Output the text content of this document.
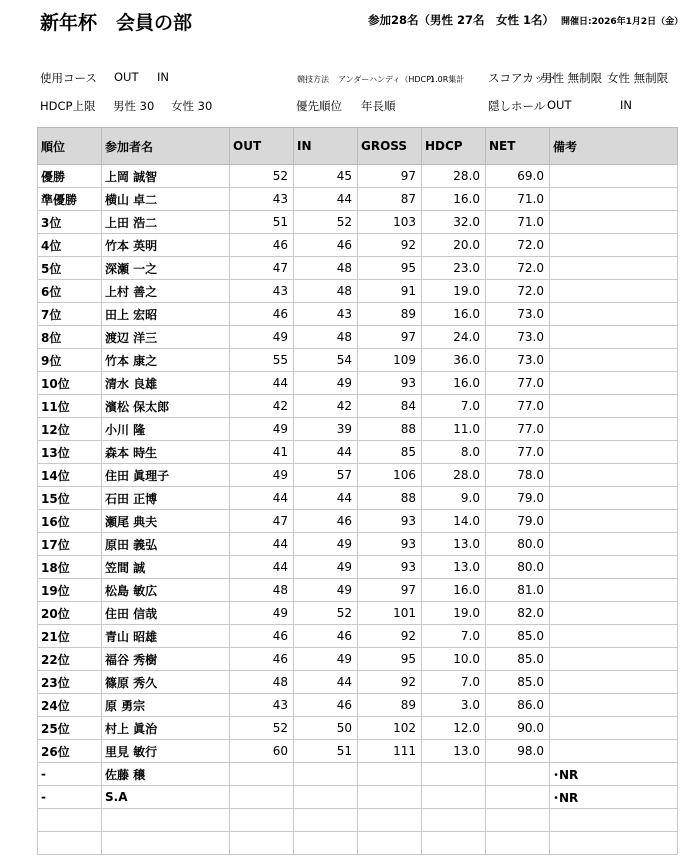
新年杯　会員の部	参加28名（男性 27名　女性 1名） 開催日:2026年1月2日（金）
使用コース OUT IN	競技方法 アンダーハンディ（HDCP）
1.0R集計 スコアカット
男性 無制限 女性 無制限
HDCP上限 男性 30 女性 30	優先順位 年長順	隠しホール OUT	IN
順位	参加者名	OUT	IN	GROSS	HDCP	NET	備考
優勝	上岡 誠智	52	45	97	28.0	69.0	
準優勝	横山 卓二	43	44	87	16.0	71.0	
3位	上田 浩二	51	52	103	32.0	71.0	
4位	竹本 英明	46	46	92	20.0	72.0	
5位	深瀬 一之	47	48	95	23.0	72.0	
6位	上村 善之	43	48	91	19.0	72.0	
7位	田上 宏昭	46	43	89	16.0	73.0	
8位	渡辺 洋三	49	48	97	24.0	73.0	
9位	竹本 康之	55	54	109	36.0	73.0	
10位	清水 良雄	44	49	93	16.0	77.0	
11位	濱松 保太郎	42	42	84	7.0	77.0	
12位	小川 隆	49	39	88	11.0	77.0	
13位	森本 時生	41	44	85	8.0	77.0	
14位	住田 眞理子	49	57	106	28.0	78.0	
15位	石田 正博	44	44	88	9.0	79.0	
16位	瀬尾 典夫	47	46	93	14.0	79.0	
17位	原田 義弘	44	49	93	13.0	80.0	
18位	笠間 誠	44	49	93	13.0	80.0	
19位	松島 敏広	48	49	97	16.0	81.0	
20位	住田 信哉	49	52	101	19.0	82.0	
21位	青山 昭雄	46	46	92	7.0	85.0	
22位	福谷 秀樹	46	49	95	10.0	85.0	
23位	篠原 秀久	48	44	92	7.0	85.0	
24位	原 勇宗	43	46	89	3.0	86.0	
25位	村上 眞治	52	50	102	12.0	90.0	
26位	里見 敏行	60	51	111	13.0	98.0	
-	佐藤 穣						･NR
-	S.A						･NR
